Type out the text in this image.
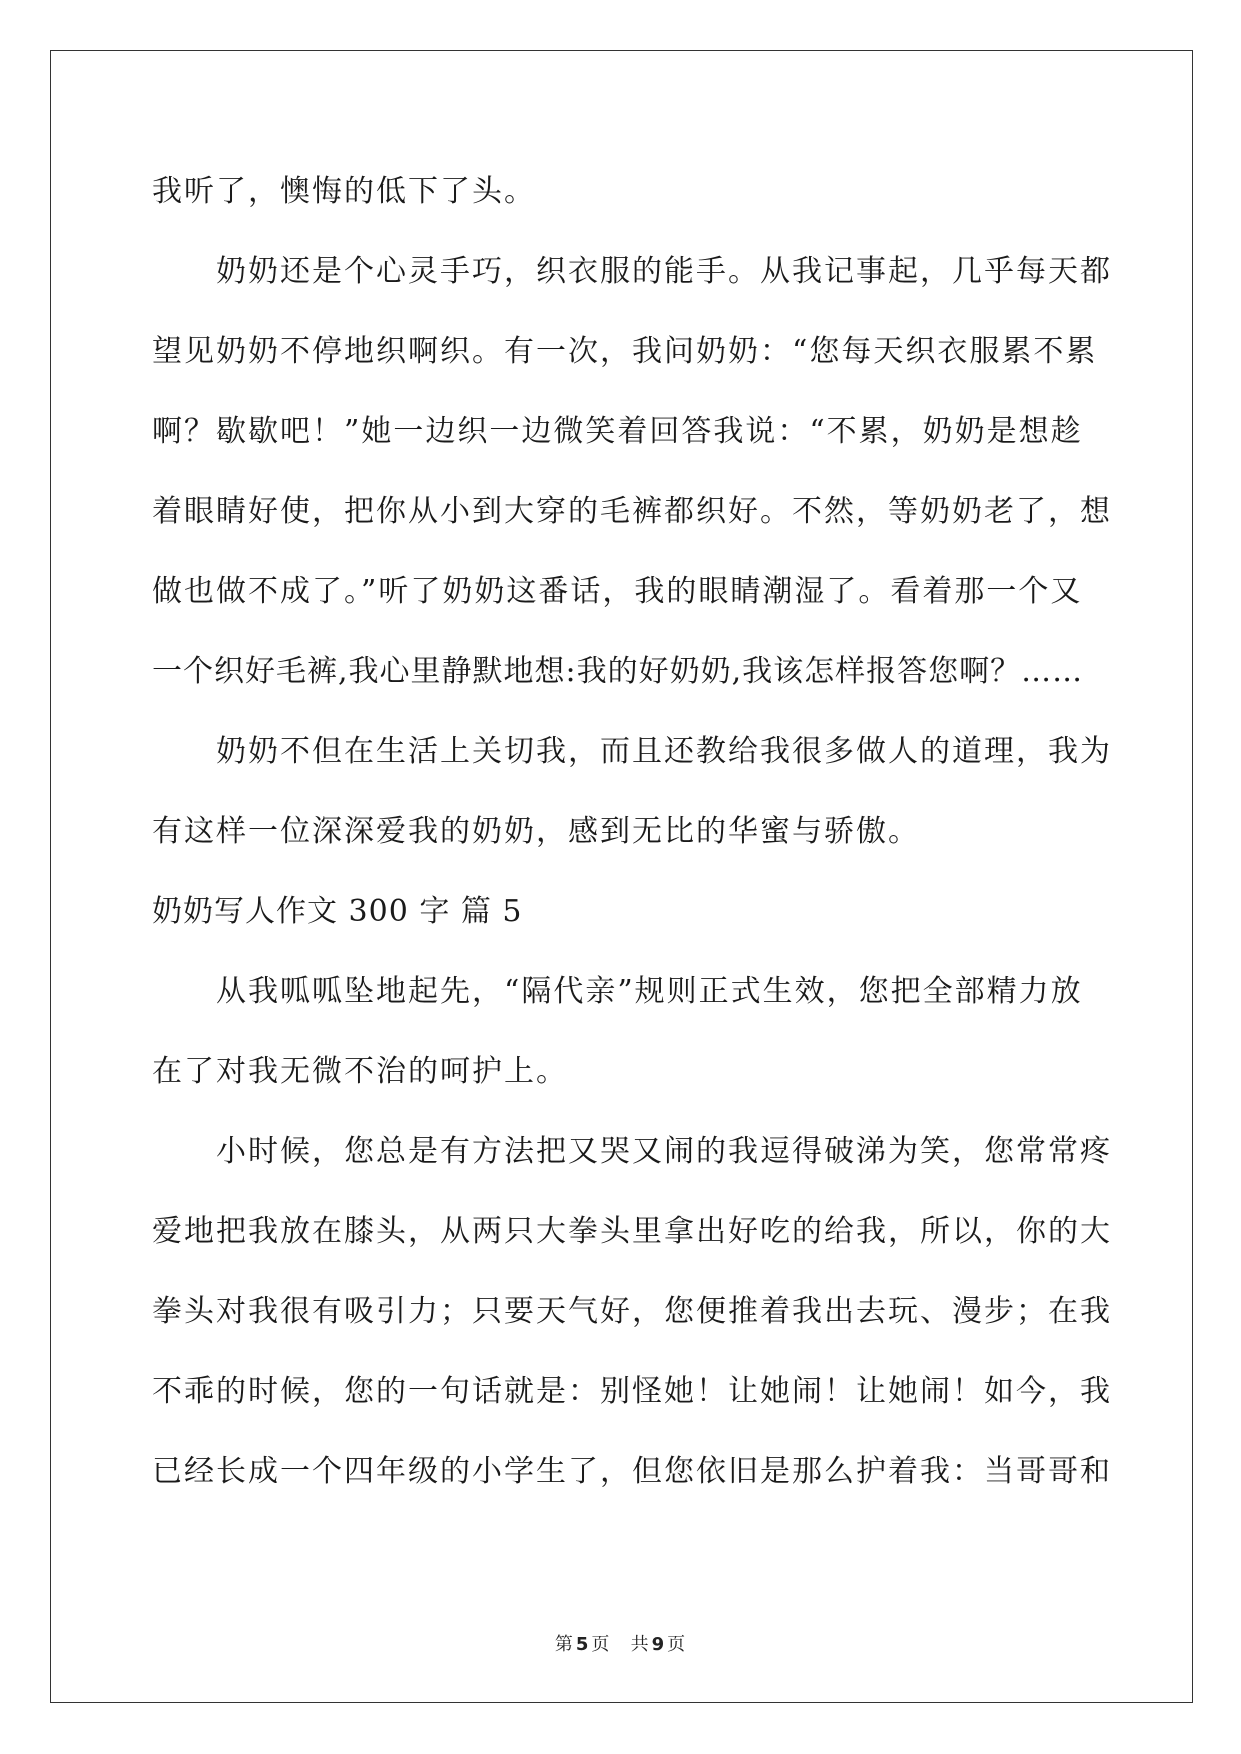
我听了，懊悔的低下了头。
奶奶还是个心灵手巧，织衣服的能手。从我记事起，几乎每天都
望见奶奶不停地织啊织。有一次，我问奶奶：“您每天织衣服累不累
啊？歇歇吧！”她一边织一边微笑着回答我说：“不累，奶奶是想趁
着眼睛好使，把你从小到大穿的毛裤都织好。不然，等奶奶老了，想
做也做不成了。”听了奶奶这番话，我的眼睛潮湿了。看着那一个又
一个织好毛裤,我心里静默地想:我的好奶奶,我该怎样报答您啊？……
奶奶不但在生活上关切我，而且还教给我很多做人的道理，我为
有这样一位深深爱我的奶奶，感到无比的华蜜与骄傲。
奶奶写人作文 300 字 篇 5
从我呱呱坠地起先，“隔代亲”规则正式生效，您把全部精力放
在了对我无微不治的呵护上。
小时候，您总是有方法把又哭又闹的我逗得破涕为笑，您常常疼
爱地把我放在膝头，从两只大拳头里拿出好吃的给我，所以，你的大
拳头对我很有吸引力；只要天气好，您便推着我出去玩、漫步；在我
不乖的时候，您的一句话就是：别怪她！让她闹！让她闹！如今，我
已经长成一个四年级的小学生了，但您依旧是那么护着我：当哥哥和
第 5 页   共 9 页
